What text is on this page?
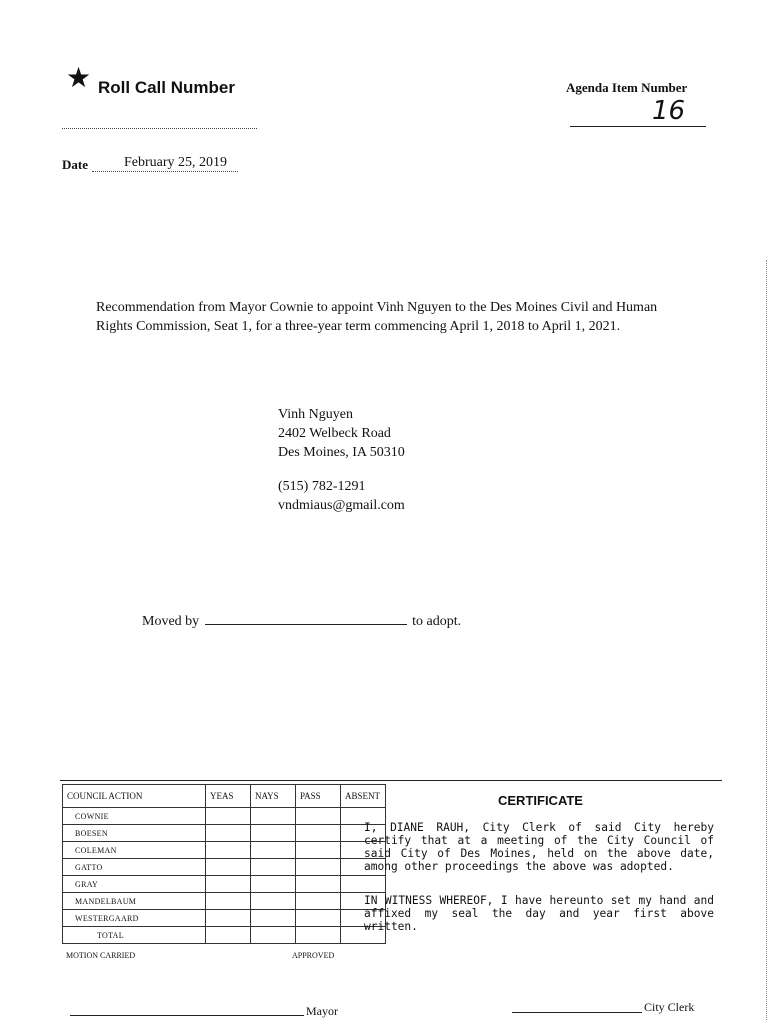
★ Roll Call Number	Agenda Item Number
16
Date	February 25, 2019
Recommendation from Mayor Cownie to appoint Vinh Nguyen to the Des Moines Civil and Human Rights Commission, Seat 1, for a three-year term commencing April 1, 2018 to April 1, 2021.
Vinh Nguyen
2402 Welbeck Road
Des Moines, IA 50310
(515) 782-1291
vndmiaus@gmail.com
Moved by	to adopt.
COUNCIL ACTION	YEAS	NAYS	PASS	ABSENT
COWNIE				
BOESEN				
COLEMAN				
GATTO				
GRAY				
MANDELBAUM				
WESTERGAARD				
TOTAL				
MOTION CARRIED	APPROVED
Mayor
CERTIFICATE
I, DIANE RAUH, City Clerk of said City hereby certify that at a meeting of the City Council of said City of Des Moines, held on the above date, among other proceedings the above was adopted.
IN WITNESS WHEREOF, I have hereunto set my hand and affixed my seal the day and year first above written.
City Clerk
